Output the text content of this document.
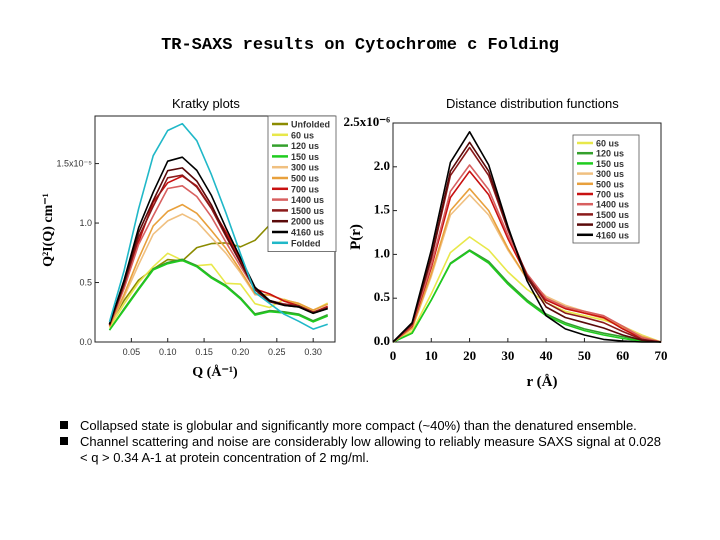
TR-SAXS results on Cytochrome c Folding
Kratky plots	Distance distribution functions
0.05 0.10 0.15 0.20 0.25 0.30
0.0
0.5
1.0
1.5x10⁻⁵
Unfolded
60 us
120 us
150 us
300 us
500 us
700 us
1400 us
1500 us
2000 us
4160 us
Folded
0 10 20 30 40 50 60 70
0.0
0.5
1.0
1.5
2.0
2.5x10⁻⁶
60 us
120 us
150 us
300 us
500 us
700 us
1400 us
1500 us
2000 us
4160 us
Q (Å⁻¹)
Q²I(Q) cm⁻¹
r (Å)
P(r)
Collapsed state is globular and significantly more compact (~40%) than the denatured ensemble.
Channel scattering and noise are considerably low allowing to reliably measure SAXS signal at 0.028 < q > 0.34 A-1 at protein concentration of 2 mg/ml.
